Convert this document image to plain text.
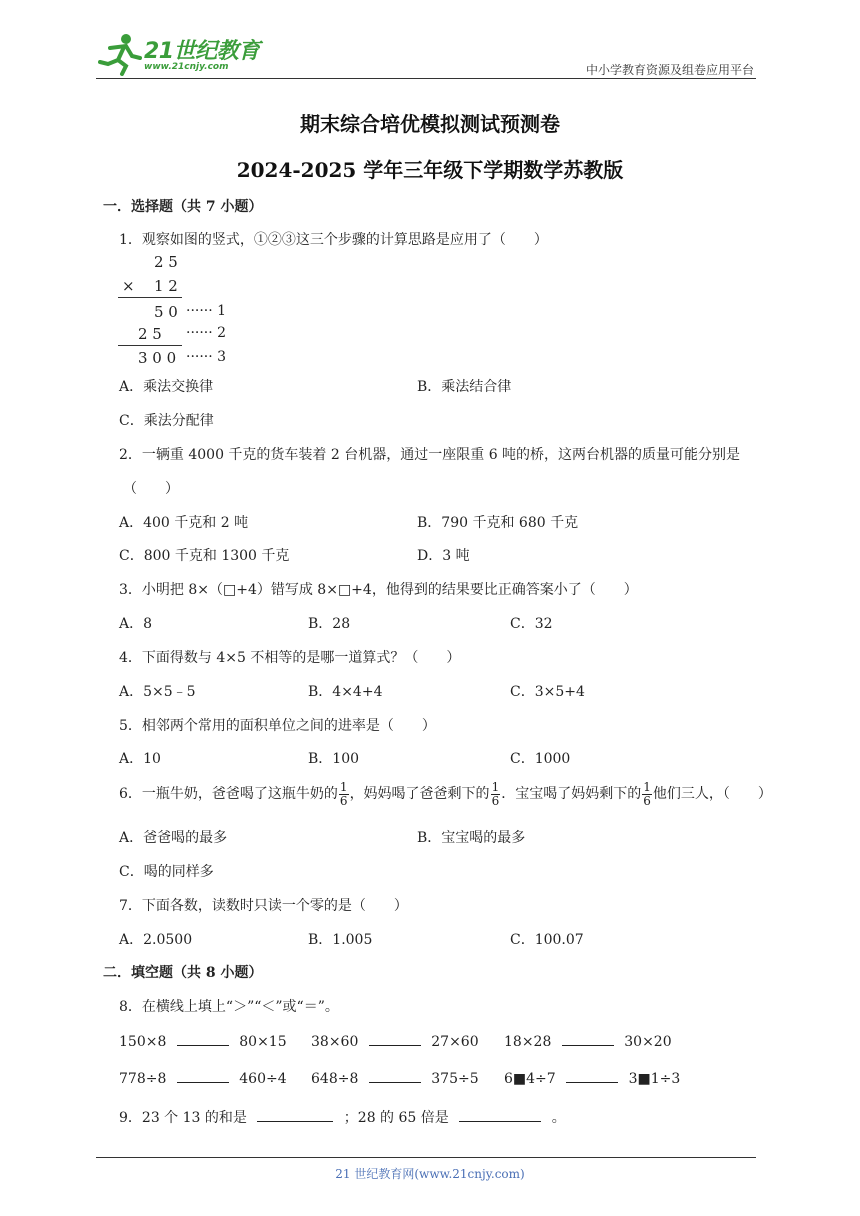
21世纪教育
www.21cnjy.com	中小学教育资源及组卷应用平台
期末综合培优模拟测试预测卷
2024-2025 学年三年级下学期数学苏教版
一．选择题（共 7 小题）
1．观察如图的竖式，①②③这三个步骤的计算思路是应用了（　　）
2 5
× 1 2
5 0 ······ 1
2 5 ······ 2
3 0 0 ······ 3
A．乘法交换律	B．乘法结合律
C．乘法分配律
2．一辆重 4000 千克的货车装着 2 台机器，通过一座限重 6 吨的桥，这两台机器的质量可能分别是
（　　）
A．400 千克和 2 吨	B．790 千克和 680 千克
C．800 千克和 1300 千克	D．3 吨
3．小明把 8×（□+4）错写成 8×□+4，他得到的结果要比正确答案小了（　　）
A．8	B．28	C．32
4．下面得数与 4×5 不相等的是哪一道算式？（　　）
A．5×5﹣5	B．4×4+4	C．3×5+4
5．相邻两个常用的面积单位之间的进率是（　　）
A．10	B．100	C．1000
6．一瓶牛奶，爸爸喝了这瓶牛奶的 $\frac{1}{6}$ ，妈妈喝了爸爸剩下的 $\frac{1}{6}$ ．宝宝喝了妈妈剩下的 $\frac{1}{6}$ 他们三人，（　　）
A．爸爸喝的最多	B．宝宝喝的最多
C．喝的同样多
7．下面各数，读数时只读一个零的是（　　）
A．2.0500	B．1.005	C．100.07
二．填空题（共 8 小题）
8．在横线上填上“＞”“＜”或“＝”。
150×8	80×15 38×60	27×60 18×28	30×20
778÷8	460÷4 648÷8	375÷5 6■4÷7	3■1÷3
9．23 个 13 的和是	；28 的 65 倍是	。
21 世纪教育网(www.21cnjy.com)
